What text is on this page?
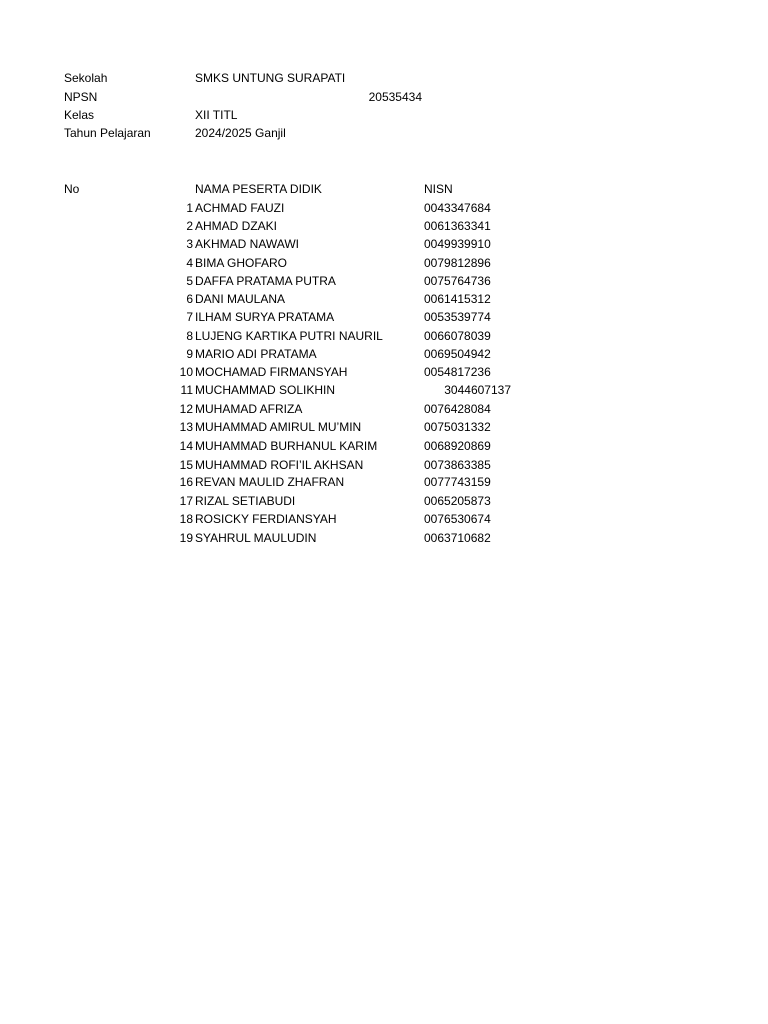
Sekolah	SMKS UNTUNG SURAPATI
NPSN	20535434
Kelas	XII TITL
Tahun Pelajaran	2024/2025 Ganjil
No	NAMA PESERTA DIDIK	NISN
1 ACHMAD FAUZI	0043347684
2 AHMAD DZAKI	0061363341
3 AKHMAD NAWAWI	0049939910
4 BIMA GHOFARO	0079812896
5 DAFFA PRATAMA PUTRA	0075764736
6 DANI MAULANA	0061415312
7 ILHAM SURYA PRATAMA	0053539774
8 LUJENG KARTIKA PUTRI NAURIL	0066078039
9 MARIO ADI PRATAMA	0069504942
10 MOCHAMAD FIRMANSYAH	0054817236
11 MUCHAMMAD SOLIKHIN	3044607137
12 MUHAMAD AFRIZA	0076428084
13 MUHAMMAD AMIRUL MU’MIN	0075031332
14 MUHAMMAD BURHANUL KARIM	0068920869
15 MUHAMMAD ROFI’IL AKHSAN	0073863385
16 REVAN MAULID ZHAFRAN	0077743159
17 RIZAL SETIABUDI	0065205873
18 ROSICKY FERDIANSYAH	0076530674
19 SYAHRUL MAULUDIN	0063710682
